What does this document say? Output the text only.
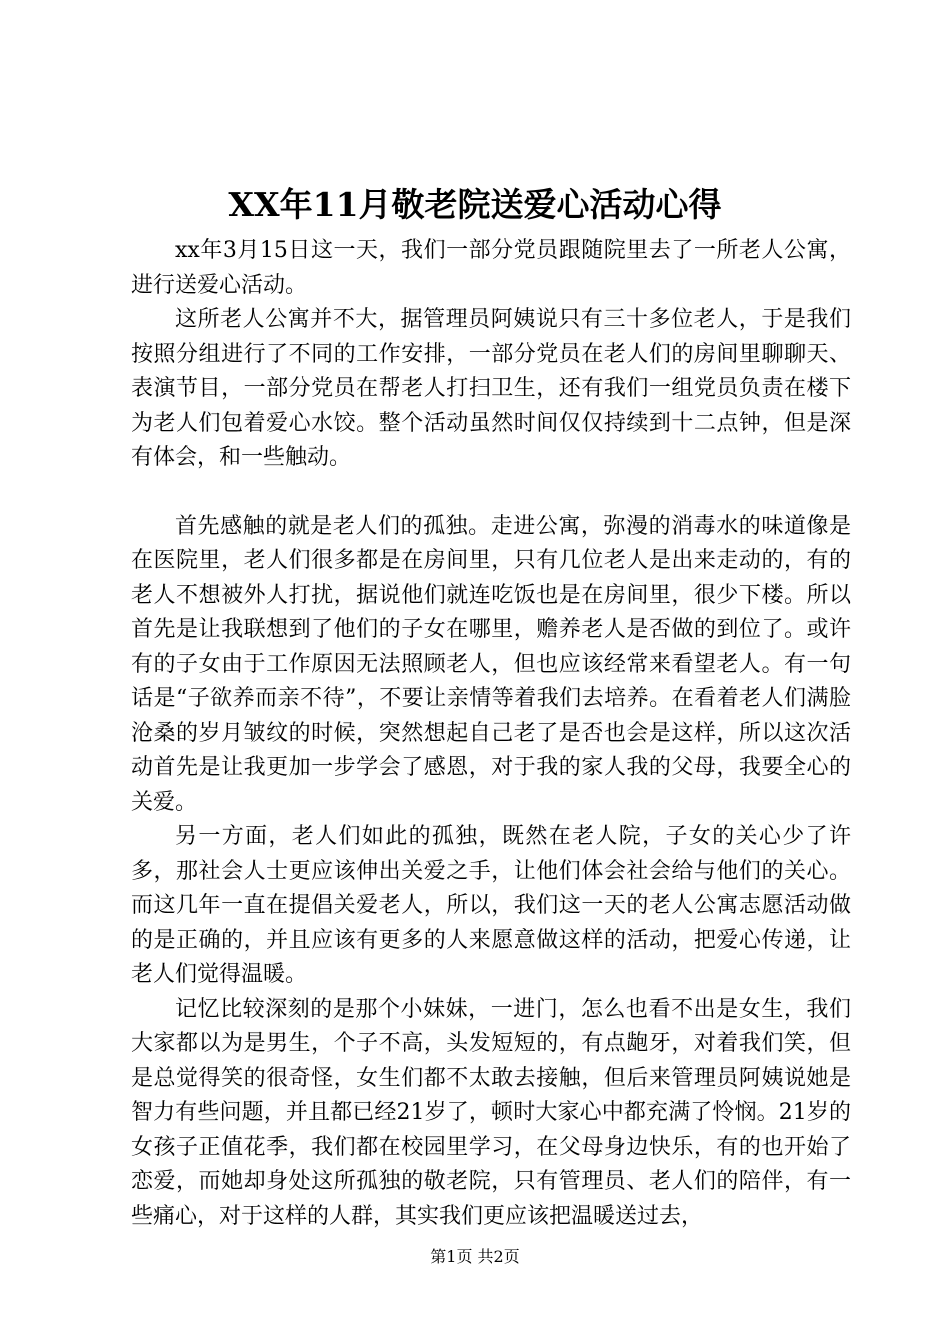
XX年11月敬老院送爱心活动心得

xx年3月15日这一天，我们一部分党员跟随院里去了一所老人公寓，进行送爱心活动。

这所老人公寓并不大，据管理员阿姨说只有三十多位老人，于是我们按照分组进行了不同的工作安排，一部分党员在老人们的房间里聊聊天、表演节目，一部分党员在帮老人打扫卫生，还有我们一组党员负责在楼下为老人们包着爱心水饺。整个活动虽然时间仅仅持续到十二点钟，但是深有体会，和一些触动。

首先感触的就是老人们的孤独。走进公寓，弥漫的消毒水的味道像是在医院里，老人们很多都是在房间里，只有几位老人是出来走动的，有的老人不想被外人打扰，据说他们就连吃饭也是在房间里，很少下楼。所以首先是让我联想到了他们的子女在哪里，赡养老人是否做的到位了。或许有的子女由于工作原因无法照顾老人，但也应该经常来看望老人。有一句话是“子欲养而亲不待”，不要让亲情等着我们去培养。在看着老人们满脸沧桑的岁月皱纹的时候，突然想起自己老了是否也会是这样，所以这次活动首先是让我更加一步学会了感恩，对于我的家人我的父母，我要全心的关爱。

另一方面，老人们如此的孤独，既然在老人院，子女的关心少了许多，那社会人士更应该伸出关爱之手，让他们体会社会给与他们的关心。而这几年一直在提倡关爱老人，所以，我们这一天的老人公寓志愿活动做的是正确的，并且应该有更多的人来愿意做这样的活动，把爱心传递，让老人们觉得温暖。

记忆比较深刻的是那个小妹妹，一进门，怎么也看不出是女生，我们大家都以为是男生，个子不高，头发短短的，有点龅牙，对着我们笑，但是总觉得笑的很奇怪，女生们都不太敢去接触，但后来管理员阿姨说她是智力有些问题，并且都已经21岁了，顿时大家心中都充满了怜悯。21岁的女孩子正值花季，我们都在校园里学习，在父母身边快乐，有的也开始了恋爱，而她却身处这所孤独的敬老院，只有管理员、老人们的陪伴，有一些痛心，对于这样的人群，其实我们更应该把温暖送过去，

第1页 共2页
